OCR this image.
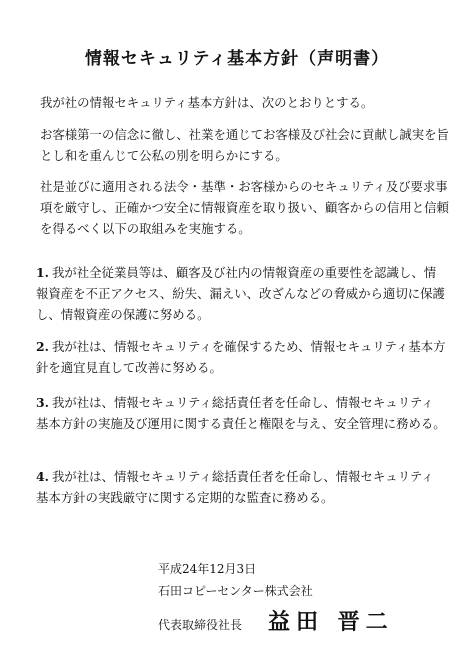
情報セキュリティ基本方針（声明書）

我が社の情報セキュリティ基本方針は、次のとおりとする。

お客様第一の信念に徹し、社業を通じてお客様及び社会に貢献し誠実を旨とし和を重んじて公私の別を明らかにする。

社是並びに適用される法令・基準・お客様からのセキュリティ及び要求事項を厳守し、正確かつ安全に情報資産を取り扱い、顧客からの信用と信頼を得るべく以下の取組みを実施する。

1. 我が社全従業員等は、顧客及び社内の情報資産の重要性を認識し、情報資産を不正アクセス、紛失、漏えい、改ざんなどの脅威から適切に保護し、情報資産の保護に努める。

2. 我が社は、情報セキュリティを確保するため、情報セキュリティ基本方針を適宜見直して改善に努める。

3. 我が社は、情報セキュリティ総括責任者を任命し、情報セキュリティ基本方針の実施及び運用に関する責任と権限を与え、安全管理に務める。

4. 我が社は、情報セキュリティ総括責任者を任命し、情報セキュリティ基本方針の実践厳守に関する定期的な監査に務める。

平成24年12月3日

石田コピーセンター株式会社

代表取締役社長 益田 晋二
